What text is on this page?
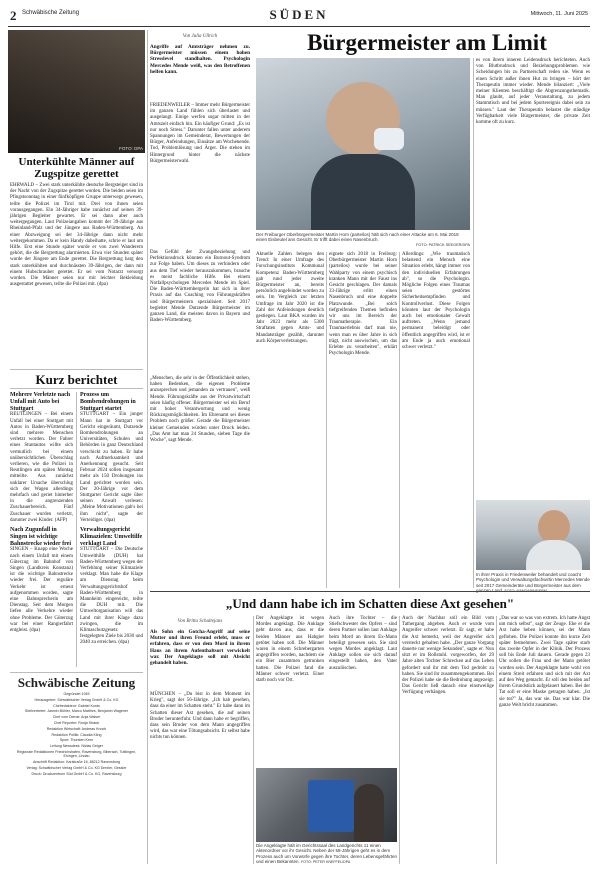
2 Schwäbische Zeitung	SÜDEN	Mittwoch, 11. Juni 2025
FOTO: DPA
Unterkühlte Männer auf Zugspitze gerettet
EHRWALD – Zwei stark unterkühlte deutsche Bergsteiger sind in der Nacht von der Zugspitze gerettet worden. Die beiden seien im Pfingstsonntag in einer fünfköpfigen Gruppe unterwegs gewesen, teilte die Polizei im Tirol mit. Drei von ihnen seien vorausgegangen. Ein 34-Jähriger habe zunächst auf seinen 39-jährigen Begleiter gewartet. Er sei dann aber auch weitergegangen. Laut Polizeiangaben kommt der 39-Jährige aus Rheinland-Pfalz und der Jüngere aus Baden-Württemberg. An einer Abzweigung sei der 34-Jährige dann nicht mehr weitergekommen. Da er kein Handy dabeihatte, schrie er laut um Hilfe. Erst eine Stunde später wurde er von zwei Wanderern gehört, die die Bergrettung alarmierten. Etwa vier Stunden später wurde der Jüngere am Ende gerettet. Die Bergrettung barg den stark unterkühlten und durchnässten 39-Jährigen, der dann mit einem Hubschrauber gerettet. Er sei vom Notarzt versorgt worden. Die Männer seien nur mit leichter Bekleidung ausgestattet gewesen, teilte die Polizei mit. (dpa)
Kurz berichtet
Mehrere Verletzte nach Unfall mit Auto bei Stuttgart
REUTLINGEN – Bei einem Unfall bei einer Stuttgart mit Autos in Baden-Württemberg sind mehrere Menschen verletzt worden. Der Fahrer eines Stuntautos willte sich vermutlich bei einem unübersichtlichen Überschlag verlieren, wie die Polizei in Reutlingen am späten Montag mitteilte. Aus zunächst unklarer Ursache überschlug sich der Wagen allerdings mehrfach und geriet hinterher in die angrenzenden Zuschauerbereich. Fünf Zuschauer wurden verletzt, darunter zwei Kinder. (AFP)
Nach Zugunfall in Singen ist wichtige Bahnstrecke wieder frei
SINGEN – Knapp eine Woche nach einem Unfall mit einem Güterzug im Bahnhof von Singen (Landkreis Konstanz) ist die wichtige Bahnstrecke wieder frei. Der reguläre Verkehr ist erneut aufgenommen worden, sagte eine Bahnsprecherin am Dienstag. Seit dem Morgen liefen alle Verkehre wieder ohne Probleme. Der Güterzug war bei einer Rangierfahrt entgleist. (dpa)
Prozess um Bombendrohungen in Stuttgart startet
STUTTGART – Ein junger Mann hat in Stuttgart vor Gericht eingeräumt, Dutzende Bombendrohungen an Universitäten, Schulen und Behörden in ganz Deutschland verschickt zu haben. Er habe nach Aufmerksamkeit und Anerkennung gesucht. Seit Februar 2024 sollen insgesamt mehr als 150 Drohungen ins Land gerichtet worden sein. Der 20-Jährige vor dem Stuttgarter Gericht sagte über seinen Anwalt verlesen: „Meine Motivationen gab's bei ihm nicht", sagte der Verteidiger. (dpa)
Verwaltungsgericht Klimazielen: Umweltilfe verklagt Land
STUTTGART – Die Deutsche Umwelthilfe (DUH) hat Baden-Württemberg wegen der Verfehlung seiner Klimaziele verklagt. Man habe die Klage am Dienstag beim Verwaltungsgerichtshof Baden-Württemberg in Mannheim eingereicht, teilte die DUH mit. Die Umweltorganisation will das Land mit ihrer Klage dazu zwingen, die im Klimaschutzgesetz festgelegten Ziele bis 2030 und 2040 zu erreichen. (dpa)
Schwäbische Zeitung
Gegründet 1945
Herausgeber: Schwäbischer Verlag GmbH & Co. KG
Chefredakteur: Gabriel Kords
Stellvertreter: Jasmin Bühler, Marco Matthes, Benjamin Wagener
Chef vom Dienst: Anja Walser
Chef Reporter: Ronja Straub
Redaktion Wirtschaft: Andreas Knoch
Redaktion Politik: Claudia Kling
Sport: Thorsten Kern
Leitung Newsdesk: Niclas Geiger
Regionale Redaktionen Friedrichshafen, Ravensburg, Biberach, Tuttlingen, Ehingen, Lindau
Anschrift Redaktion: Karlstraße 16, 88212 Ravensburg
Verlag: Schwäbischer Verlag GmbH & Co. KG Drexler, Gessler
Druck: Druckzentrum Süd GmbH & Co. KG, Ravensburg
Von Julia Ullrich
Angriffe auf Amtsträger nehmen zu. Bürgermeister müssen einem hohen Stresslevel standhalten. Psychologin Mercedes Mende weiß, was den Betroffenen helfen kann.
FRIEDENWEILER – Immer mehr Bürgermeister im ganzen Land fühlen sich überlastet und ausgelaugt. Einige werfen sogar mitten in der Amtszeit einfach hin. Ein häufiger Grund: „Es ist nur noch Stress." Darunter fallen unter anderem Spannungen im Gemeinderat, Bewertungen der Bürger, Anfeindungen, Einsätze am Wochenende. Tod, Problemlösung und Ärger. Die stehen im Hintergrund hinter die nächste Bürgermeisterwahl.
Das Gefühl der Zwangsbeziehung und Perfektionsdruck könnten ein Burnout-Syndrom zur Folge haben. Um dieses zu verhindern oder aus dem Tief wieder herauszukommen, brauche es meist fachliche Hilfe. Bei einem Notfallpsychologen Mercedes Mende im Spiel. Die Baden-Württembergerin hat sich in ihrer Praxis auf das Coaching von Führungskräften und Bürgermeistern spezialisiert. Seit 2017 begleitet Mende Dutzende Bürgermeister im ganzen Land, die meisten davon in Bayern und Baden-Württemberg.
„Menschen, die sehr in der Öffentlichkeit stehen, haben Bedenken, die eigenen Probleme anzusprechen und jemanden zu vertrauen", weiß Mende. Führungskräfte aus der Privatwirtschaft seien häufig offener. Bürgermeister sei ein Beruf mit hoher Verantwortung und wenig Rückzugsmöglichkeiten. Im Ehrenamt sei dieses Problem noch größer. Gerade die Bürgermeister kleiner Gemeinden würden unter Druck leiden. „Das Amt hat man 24 Stunden, sieben Tage die Woche", sagt Mende.
Bürgermeister am Limit
Der Freiburger Oberbürgermeister Martin Horn (parteilos) hält sich nach einer Attacke am 6. Mai 2018 einen Eisbeutel ans Gesicht. Er trifft dabei einen Nasenbruch.
FOTO: PATRICK SEEGER/DPA
Aktuelle Zahlen belegen den Trend: In einer Umfrage des Forschungsinstituts Kommunal Kompetenz Baden-Württemberg gab rund jeder zweite Bürgermeister an, bereits persönlich angefeindet worden zu sein. Im Vergleich zur letzten Umfrage im Jahr 2020 ist die Zahl der Anfeindungen deutlich gestiegen. Laut BKA wurden im Jahr 2023 mehr als 5300 Straftaten gegen Amts- und Mandatsträger gezählt, darunter auch Körperverletzungen.
eignete sich 2018 in Freiburg: Oberbürgermeister Martin Horn (parteilos) wurde bei seiner Wahlparty von einem psychisch kranken Mann mit der Faust ins Gesicht geschlagen. Der damals 33-Jährige erlitt einen Nasenbruch und eine doppelte Platzwunde. „Bei solch tiefgreifenden Themen befinden wir uns im Bereich der Traumatherapie. Ein Traumaerlebnis darf man nie, wenn man es über Jahre in sich trägt, nicht auswischen, um das Erlebte zu verarbeiten", erklärt Psychologin Mende.
Allerdings: „Wie traumatisch belastend ein Mensch eine Situation erlebt, hängt immer von den individuellen Erfahrungen ab", so die Psychologin. Mögliche Folgen eines Traumas seien gestörtes Sicherheitsempfinden und Kontrollverlust. Diese Folgen könnten laut der Psychologin auch bei emotionaler Gewalt auftreten. „Wenn jemand permanent beleidigt oder öffentlich angegriffen wird, ist er am Ende ja auch emotional schwer verletzt."
es von ihrem inneren Leidensdruck berichteten. Auch von Blutbrudruck und Beziehungsproblemen wie Scheidungen bis zu Partnerschaft reden sie. Wenn es einen Schritt außer ihnen Hut zu bringen – hört der Therapeutin immer wieder. Mende bilanziert: „Viele meiner Klienten beschäftigt die Abgrenzungsthematik. Man glaubt, auf jeder Veranstaltung, zu jedem Stammtisch und bei jedem Sportereignis dabei sein zu müssen." Laut der Therapeutin belastet die ständige Verfügbarkeit viele Bürgermeister, die private Zeit komme oft zu kurz.
In ihrer Praxis in Friedenweiler behandelt und coacht Psychologin und Verwaltungsfachwirtin Mercedes Mende seit 2017 Gemeinderäte und Bürgermeister aus dem
„Und dann habe ich im Schatten diese Axt gesehen"
Von Britta Schultejans
Als Sohn ein Gotcha-Angriff auf seine Mutter und ihren Freund erlebt, muss er erfahren, dass er von dem Mord in ihrem Haus an ihrem Aufenthaltsort verwickelt war. Der Angeklagte soll mit Absicht gehandelt haben.
MÜNCHEN – „Du bist in dem Moment im Krieg", sagt der 56-Jährige. „Ich hab gesehen, dass da einer im Schatten steht." Er habe dann im Schatten dieser Axt gesehen, die auf seinen Bruder herunterfuhr. Und dann habe er begriffen, dass sein Bruder von dem Mann angegriffen wird, das war eine Tötungsabsicht. Er selbst habe nichts tun können.
Der Angeklagte ist wegen Mordes angeklagt. Die Anklage geht davon aus, dass er die beiden Männer aus Habgier getötet haben soll. Die Männer waren in einem Schrebergarten angegriffen worden, nachdem sie ein Bier zusammen getrunken hatten. Die Polizei fand die Männer schwer verletzt. Einer starb noch vor Ort.
Auch ihre Tochter – die Stiefschwester des Opfers – sind deren Partner sollen laut Anklage beim Mord an ihrem Ex-Mann beteiligt gewesen sein. Sie sind wegen Mordes angeklagt. Laut Anklage sollen sie sich darauf eingestellt haben, den Vater auszulöschen.
Die Angeklagte hält im Gerichtssaal des Landgerichts 11 einen Aktenordner vor ihr Gesicht. Neben der 58-Jährigen geht es in dem Prozess auch um Vorwürfe gegen ihre Tochter, deren Lebensgefährten und einen Bekannten. FOTO: PETER KNEFFEL/DPA
Auch der Nachbar soll ein Bild vom Tathergang abgeben. Auch er wurde vom Angreifer schwer verletzt. Er sagt, er habe die Axt bemerkt, weil der Angreifer sich versteckt gehalten habe. „Der ganze Vorgang dauerte nur wenige Sekunden", sagte er. Nun sitzt er im Rollstuhl. vorgeworfen, der 29 Jahre alten Tochter Schrecken auf das Leben gefordert und ihr mit dem Tod gedroht zu haben. Sie sind ihr zusammengekommen. Bei der Polizei habe sie die Bedrohung angezeigt. Das Gericht ließ danach eine einstweilige Verfügung verhängen.
„Das war so was von extrem. Ich hatte Angst um mich selbst", sagt der Zeuge. Ehe er die Axt habe heben können, sei der Mann geflohen. Die Polizei konnte ihn kurze Zeit später festnehmen. Zwei Tage später starb das zweite Opfer in der Klinik. Der Prozess soll bis Ende Juli dauern. Gerade gegen 23 Uhr sollen die Frau und der Mann getötet worden sein. Der Angeklagte hatte wohl von einem Streit erfahren und sich mit der Axt auf den Weg gemacht. Er soll den beiden auf ihrem Grundstück aufgelauert haben. Bei der Tat soll er eine Maske getragen haben. „Ist sie tot?" Ja, das war sie. Das war klar. Die ganze Welt bricht zusammen.
